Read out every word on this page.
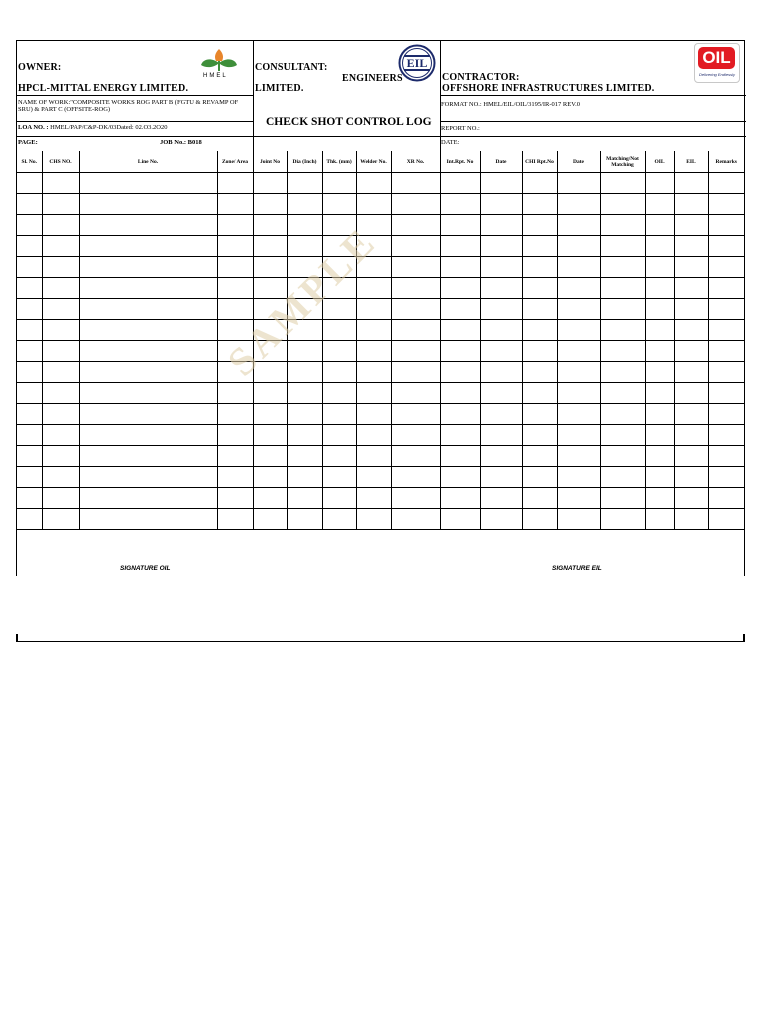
OWNER:
HPCL-MITTAL ENERGY LIMITED.
HMEL
CONSULTANT:
ENGINEERS
LIMITED.
EIL
CONTRACTOR:
OFFSHORE INFRASTRUCTURES LIMITED.
OIL
Delivering Endlessly
NAME OF WORK:"COMPOSITE WORKS ROG PART B (FGTU & REVAMP OF SRU) & PART C (OFFSITE-ROG)
CHECK SHOT CONTROL LOG
FORMAT NO.: HMEL/EIL/OIL/3195/IR-017 REV.0
LOA NO. : HMEL/PAP/C&P-DK/03Dated: 02.O3.2O20	REPORT NO.:
PAGE:	JOB No.: B018	DATE:
Sl. No.	CHS NO.	Line No.	Zone/ Area	Joint No	Dia (Inch)	Thk. (mm)	Welder No.	XR No.	Int.Rpt. No	Date	CHI Rpt.No	Date	Matching/Not Matching	OIL	EIL	Remarks

SIGNATURE OIL	SIGNATURE EIL
SAMPLE
